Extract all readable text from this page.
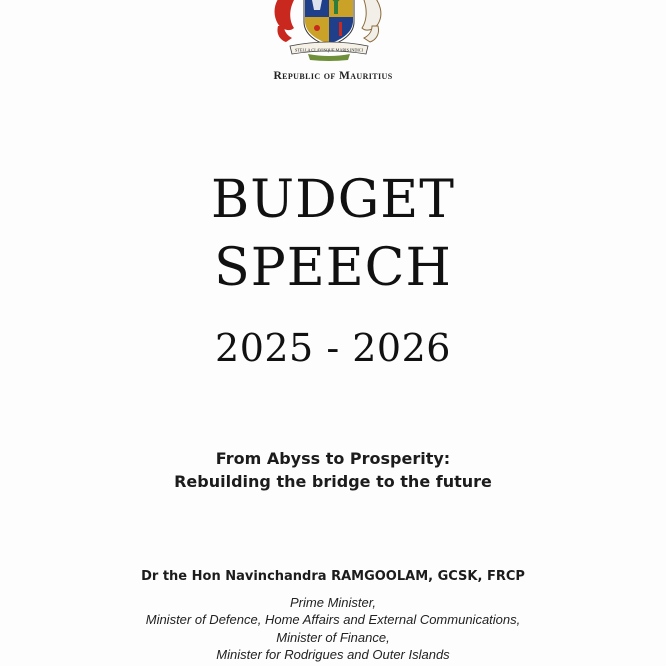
STELLA CLAVISQUE MARIS INDICI
Republic of Mauritius
BUDGET
SPEECH
2025 - 2026
From Abyss to Prosperity:
Rebuilding the bridge to the future
Dr the Hon Navinchandra RAMGOOLAM, GCSK, FRCP
Prime Minister,
Minister of Defence, Home Affairs and External Communications,
Minister of Finance,
Minister for Rodrigues and Outer Islands
